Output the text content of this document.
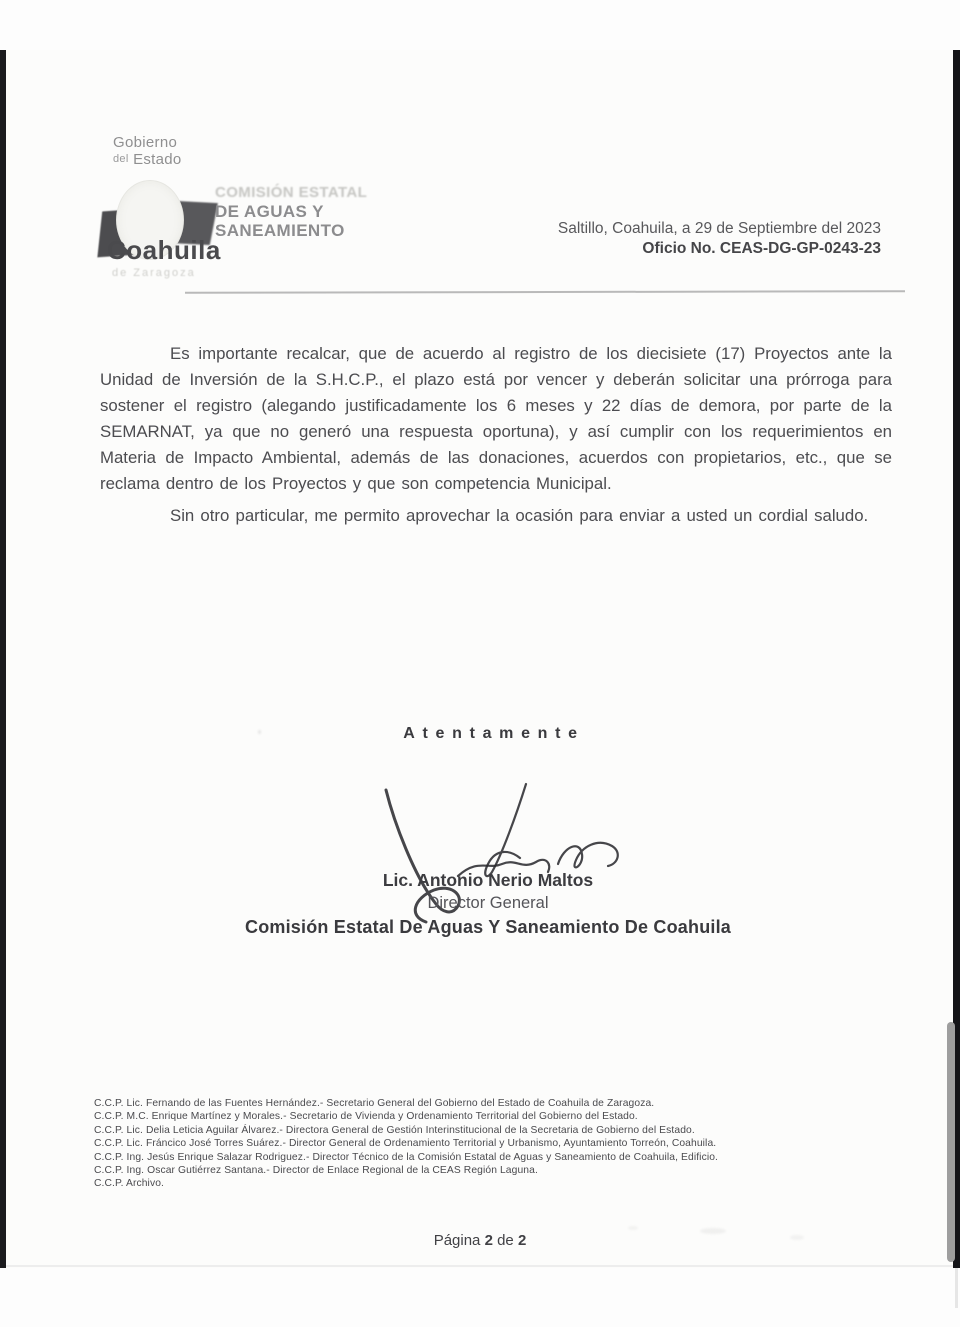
Gobierno
del Estado
Coahuila
de Zaragoza
COMISIÓN ESTATAL
DE AGUAS Y
SANEAMIENTO	Saltillo, Coahuila, a 29 de Septiembre del 2023
Oficio No. CEAS-DG-GP-0243-23

Es importante recalcar, que de acuerdo al registro de los diecisiete (17) Proyectos ante la Unidad de Inversión de la S.H.C.P., el plazo está por vencer y deberán solicitar una prórroga para sostener el registro (alegando justificadamente los 6 meses y 22 días de demora, por parte de la SEMARNAT, ya que no generó una respuesta oportuna), y así cumplir con los requerimientos en Materia de Impacto Ambiental, además de las donaciones, acuerdos con propietarios, etc., que se reclama dentro de los Proyectos y que son competencia Municipal.

Sin otro particular, me permito aprovechar la ocasión para enviar a usted un cordial saludo.

Atentamente
Lic. Antonio Nerio Maltos
Director General
Comisión Estatal De Aguas Y Saneamiento De Coahuila
C.C.P. Lic. Fernando de las Fuentes Hernández.- Secretario General del Gobierno del Estado de Coahuila de Zaragoza.
C.C.P. M.C. Enrique Martínez y Morales.- Secretario de Vivienda y Ordenamiento Territorial del Gobierno del Estado.
C.C.P. Lic. Delia Leticia Aguilar Álvarez.- Directora General de Gestión Interinstitucional de la Secretaria de Gobierno del Estado.
C.C.P. Lic. Fráncico José Torres Suárez.- Director General de Ordenamiento Territorial y Urbanismo, Ayuntamiento Torreón, Coahuila.
C.C.P. Ing. Jesús Enrique Salazar Rodriguez.- Director Técnico de la Comisión Estatal de Aguas y Saneamiento de Coahuila, Edificio.
C.C.P. Ing. Oscar Gutiérrez Santana.- Director de Enlace Regional de la CEAS Región Laguna.
C.C.P. Archivo.
Página 2 de 2
